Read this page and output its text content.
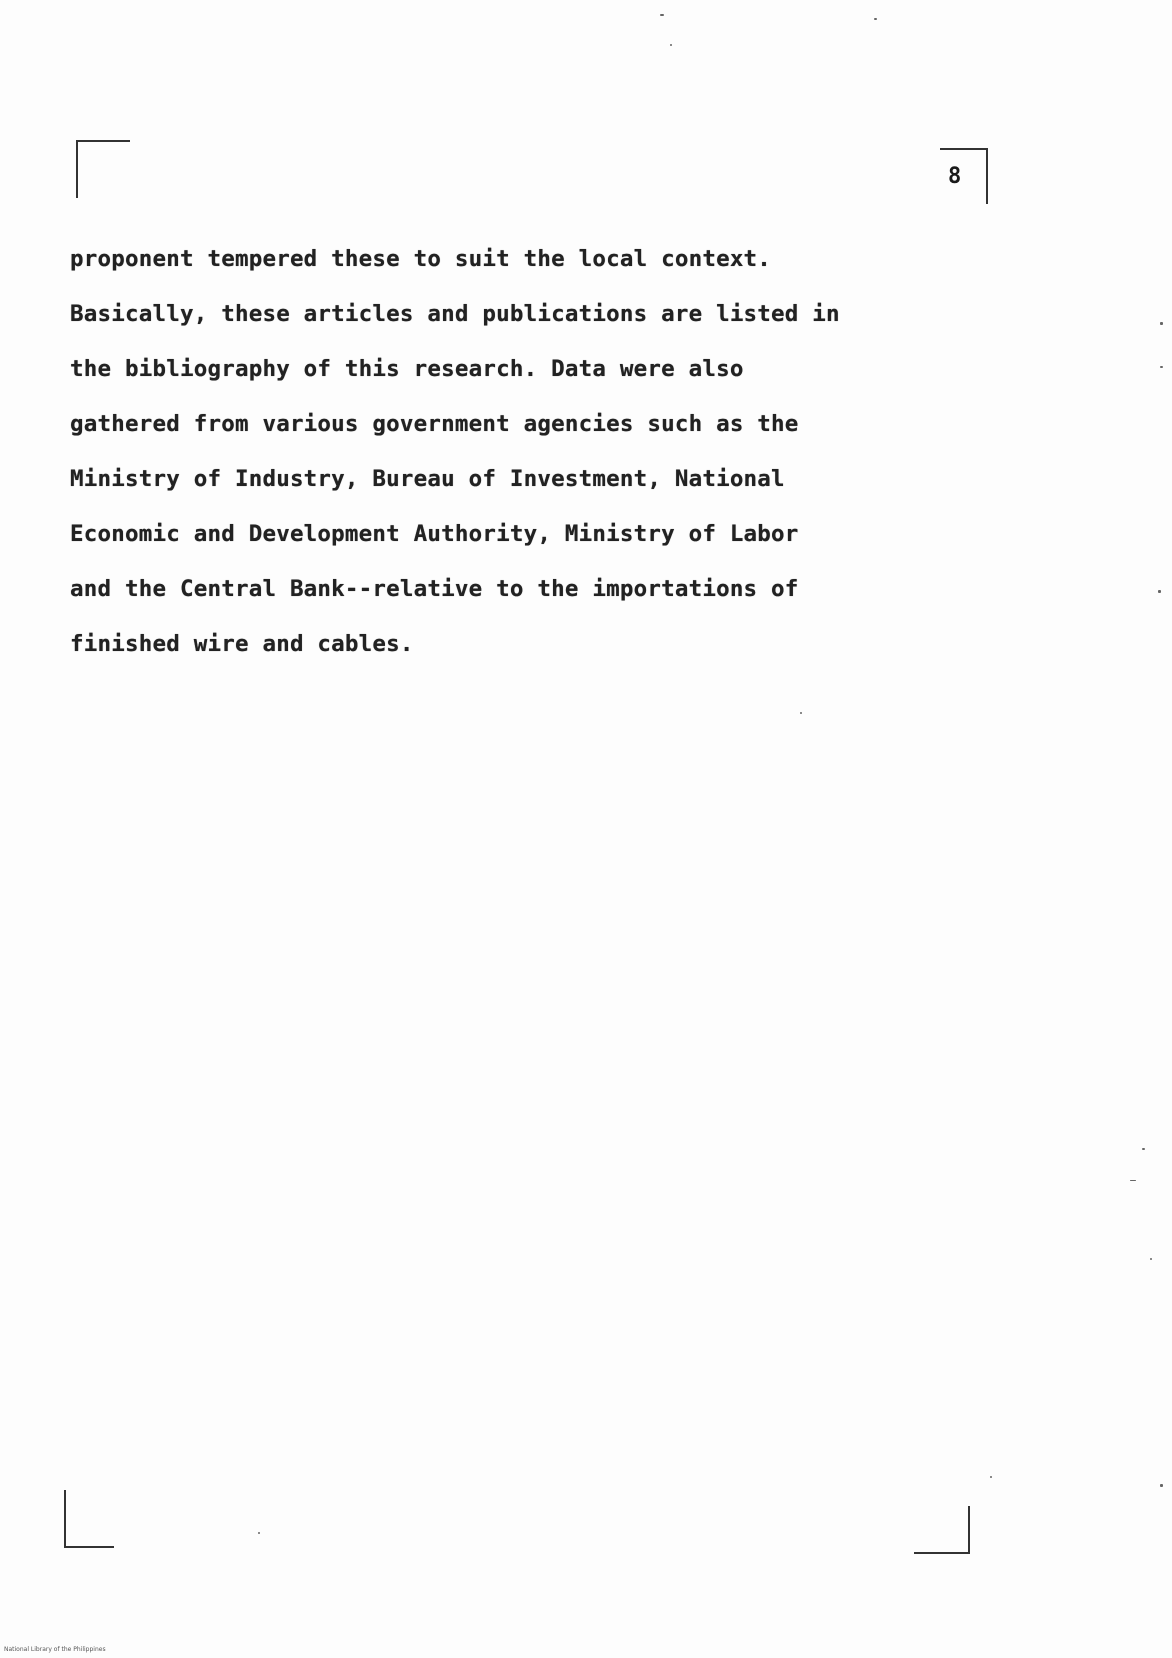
8
proponent tempered these to suit the local context.
Basically, these articles and publications are listed in
the bibliography of this research. Data were also
gathered from various government agencies such as the
Ministry of Industry, Bureau of Investment, National
Economic and Development Authority, Ministry of Labor
and the Central Bank--relative to the importations of
finished wire and cables.
National Library of the Philippines
